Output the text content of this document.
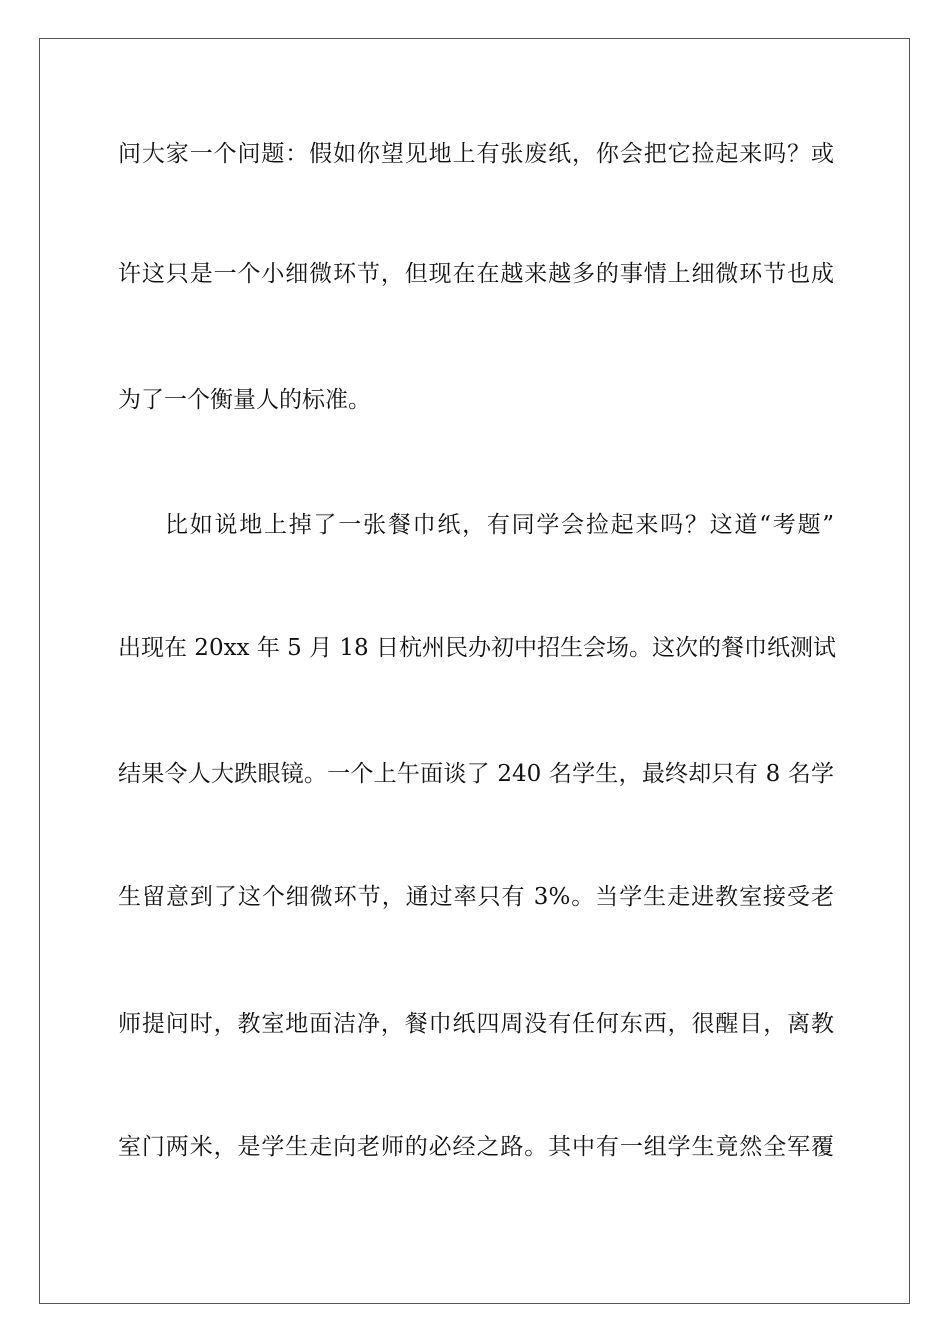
问大家一个问题：假如你望见地上有张废纸，你会把它捡起来吗？或
许这只是一个小细微环节，但现在在越来越多的事情上细微环节也成
为了一个衡量人的标准。
比如说地上掉了一张餐巾纸，有同学会捡起来吗？这道“考题”
出现在 20xx 年 5 月 18 日杭州民办初中招生会场。这次的餐巾纸测试
结果令人大跌眼镜。一个上午面谈了 240 名学生，最终却只有 8 名学
生留意到了这个细微环节，通过率只有 3%。当学生走进教室接受老
师提问时，教室地面洁净，餐巾纸四周没有任何东西，很醒目，离教
室门两米，是学生走向老师的必经之路。其中有一组学生竟然全军覆
